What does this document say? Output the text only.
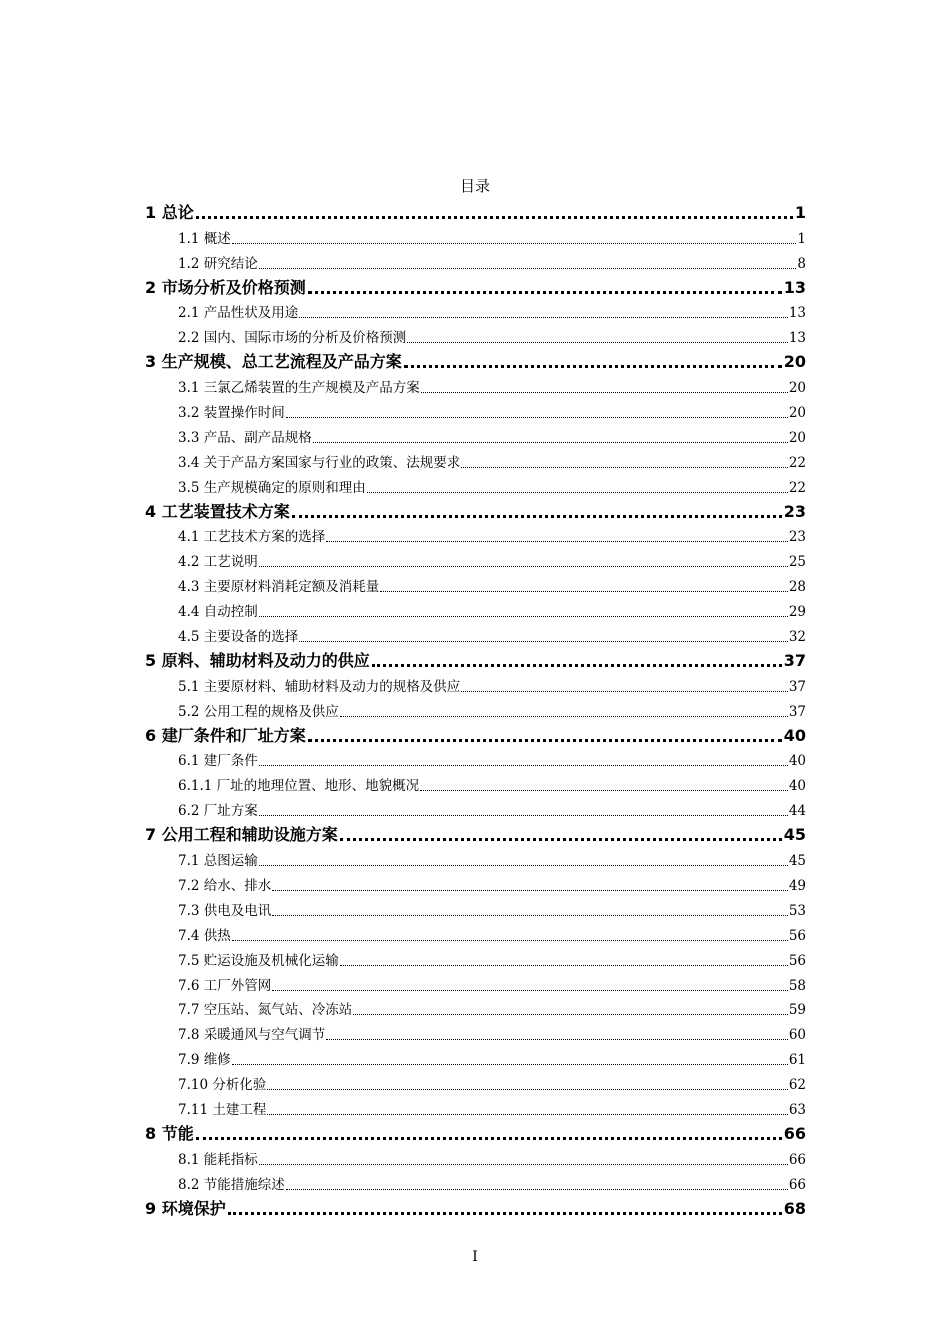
目录
1 总论	1
1.1 概述	1
1.2 研究结论	8
2 市场分析及价格预测	13
2.1 产品性状及用途	13
2.2 国内、国际市场的分析及价格预测	13
3 生产规模、总工艺流程及产品方案	20
3.1 三氯乙烯装置的生产规模及产品方案	20
3.2 装置操作时间	20
3.3 产品、副产品规格	20
3.4 关于产品方案国家与行业的政策、法规要求	22
3.5 生产规模确定的原则和理由	22
4 工艺装置技术方案	23
4.1 工艺技术方案的选择	23
4.2 工艺说明	25
4.3 主要原材料消耗定额及消耗量	28
4.4 自动控制	29
4.5 主要设备的选择	32
5 原料、辅助材料及动力的供应	37
5.1 主要原材料、辅助材料及动力的规格及供应	37
5.2 公用工程的规格及供应	37
6 建厂条件和厂址方案	40
6.1 建厂条件	40
6.1.1 厂址的地理位置、地形、地貌概况	40
6.2 厂址方案	44
7 公用工程和辅助设施方案	45
7.1 总图运输	45
7.2 给水、排水	49
7.3 供电及电讯	53
7.4 供热	56
7.5 贮运设施及机械化运输	56
7.6 工厂外管网	58
7.7 空压站、氮气站、冷冻站	59
7.8 采暖通风与空气调节	60
7.9 维修	61
7.10 分析化验	62
7.11 土建工程	63
8 节能	66
8.1 能耗指标	66
8.2 节能措施综述	66
9 环境保护	68
I
